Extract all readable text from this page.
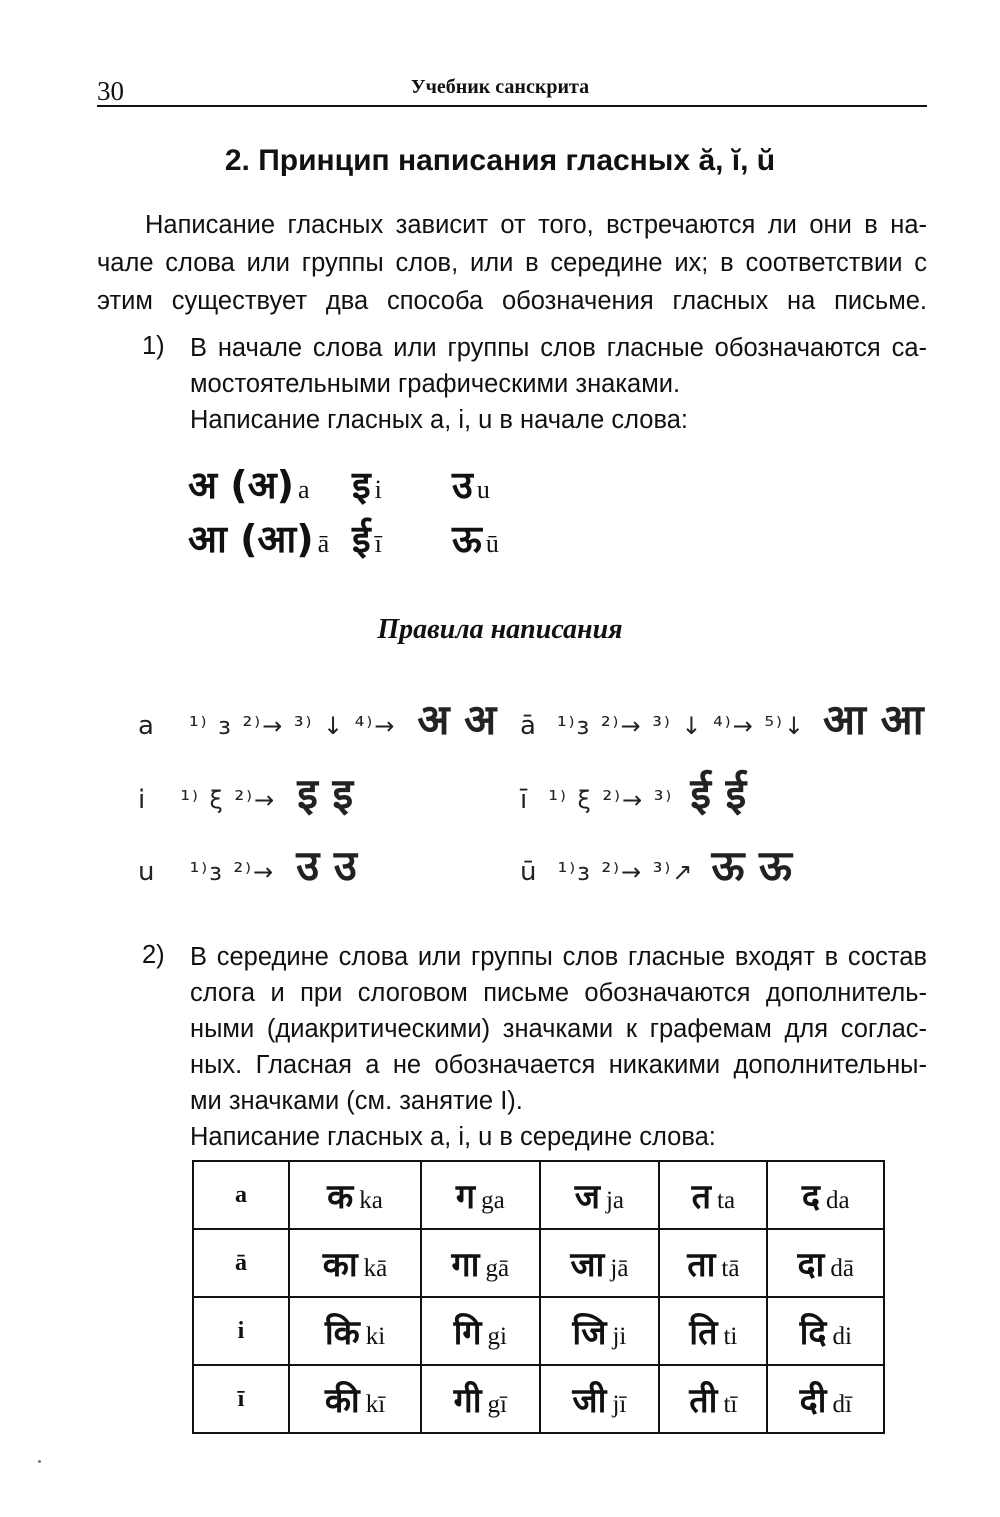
30	Учебник санскрита
2. Принцип написания гласных ă, ĭ, ŭ
Написание гласных зависит от того, встречаются ли они в на-
чале слова или группы слов, или в середине их; в соответствии с
этим существует два способа обозначения гласных на письме.
1) В начале слова или группы слов гласные обозначаются са-
мостоятельными графическими знаками.
Написание гласных a, i, u в начале слова:
अ (अ) a इ i उ u
आ (आ) ā ई ī ऊ ū
Правила написания
a ¹⁾ ɜ ²⁾→ ³⁾ ↓ ⁴⁾→ अ अ ā ¹⁾ɜ ²⁾→ ³⁾ ↓ ⁴⁾→ ⁵⁾↓ आ आ
i ¹⁾ ξ ²⁾→ इ इ	ī ¹⁾ ξ ²⁾→ ³⁾ ई ई
u ¹⁾ɜ ²⁾→ उ उ	ū ¹⁾ɜ ²⁾→ ³⁾↗ ऊ ऊ
2) В середине слова или группы слов гласные входят в состав
слога и при слоговом письме обозначаются дополнитель-
ными (диакритическими) значками к графемам для соглас-
ных. Гласная a не обозначается никакими дополнительны-
ми значками (см. занятие I).
Написание гласных a, i, u в середине слова:
a	क ka	ग ga	ज ja	त ta	द da
ā	का kā	गा gā	जा jā	ता tā	दा dā
i	कि ki	गि gi	जि ji	ति ti	दि di
ī	की kī	गी gī	जी jī	ती tī	दी dī
